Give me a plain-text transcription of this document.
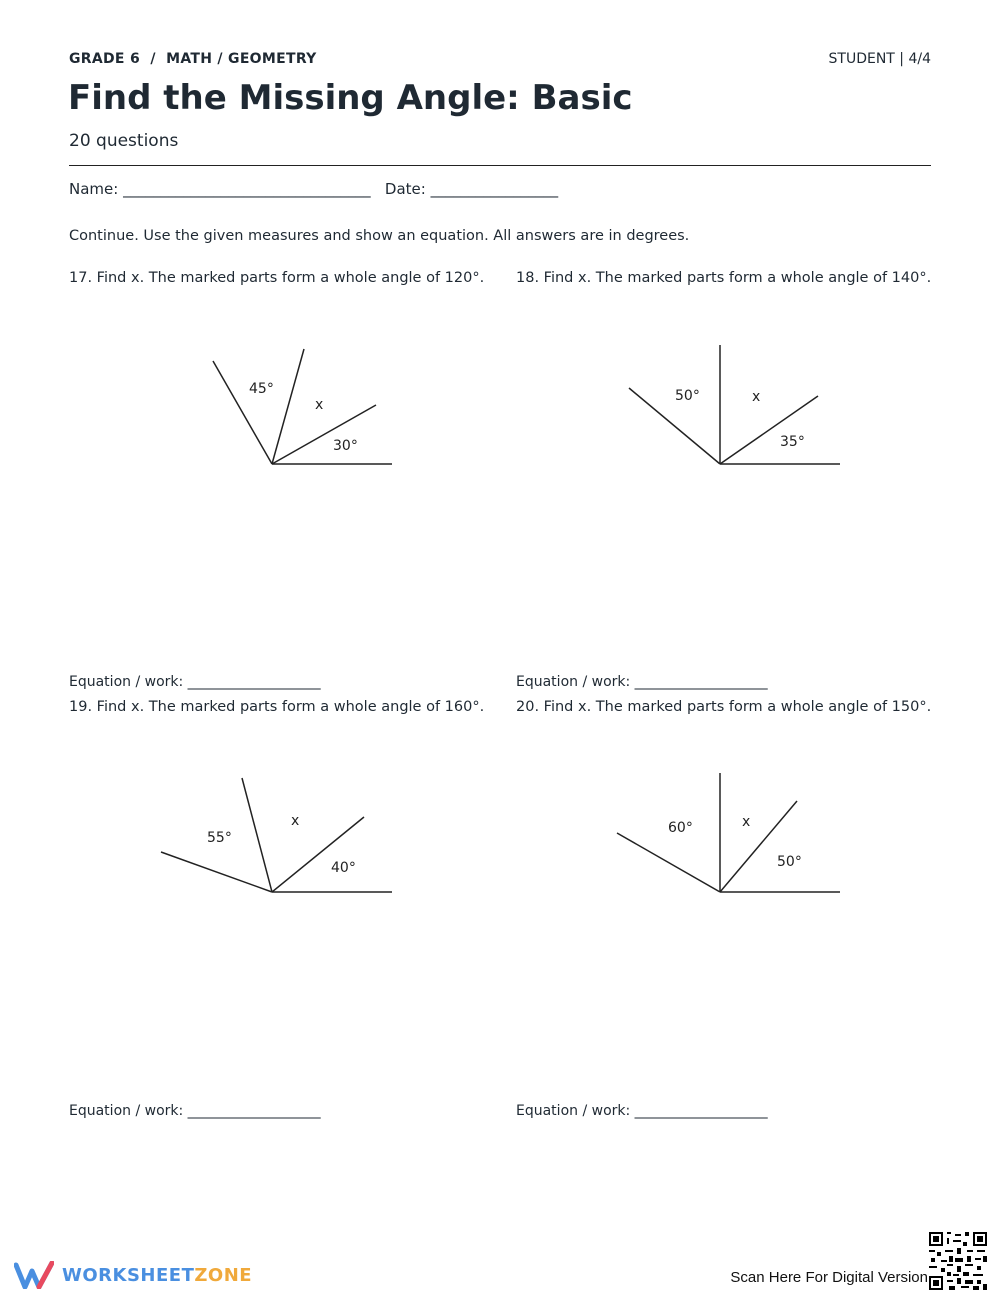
GRADE 6  /  MATH / GEOMETRY	STUDENT | 4/4
Find the Missing Angle: Basic
20 questions
Name: _________________________________ Date: _________________
Continue. Use the given measures and show an equation. All answers are in degrees.
17. Find x. The marked parts form a whole angle of 120°.
45°
x
30°
Equation / work: ___________________
18. Find x. The marked parts form a whole angle of 140°.
50°	x
35°
Equation / work: ___________________
19. Find x. The marked parts form a whole angle of 160°.
55°
x
40°
Equation / work: ___________________
20. Find x. The marked parts form a whole angle of 150°.
60°	x
50°
Equation / work: ___________________
WORKSHEETZONE	Scan Here For Digital Version
